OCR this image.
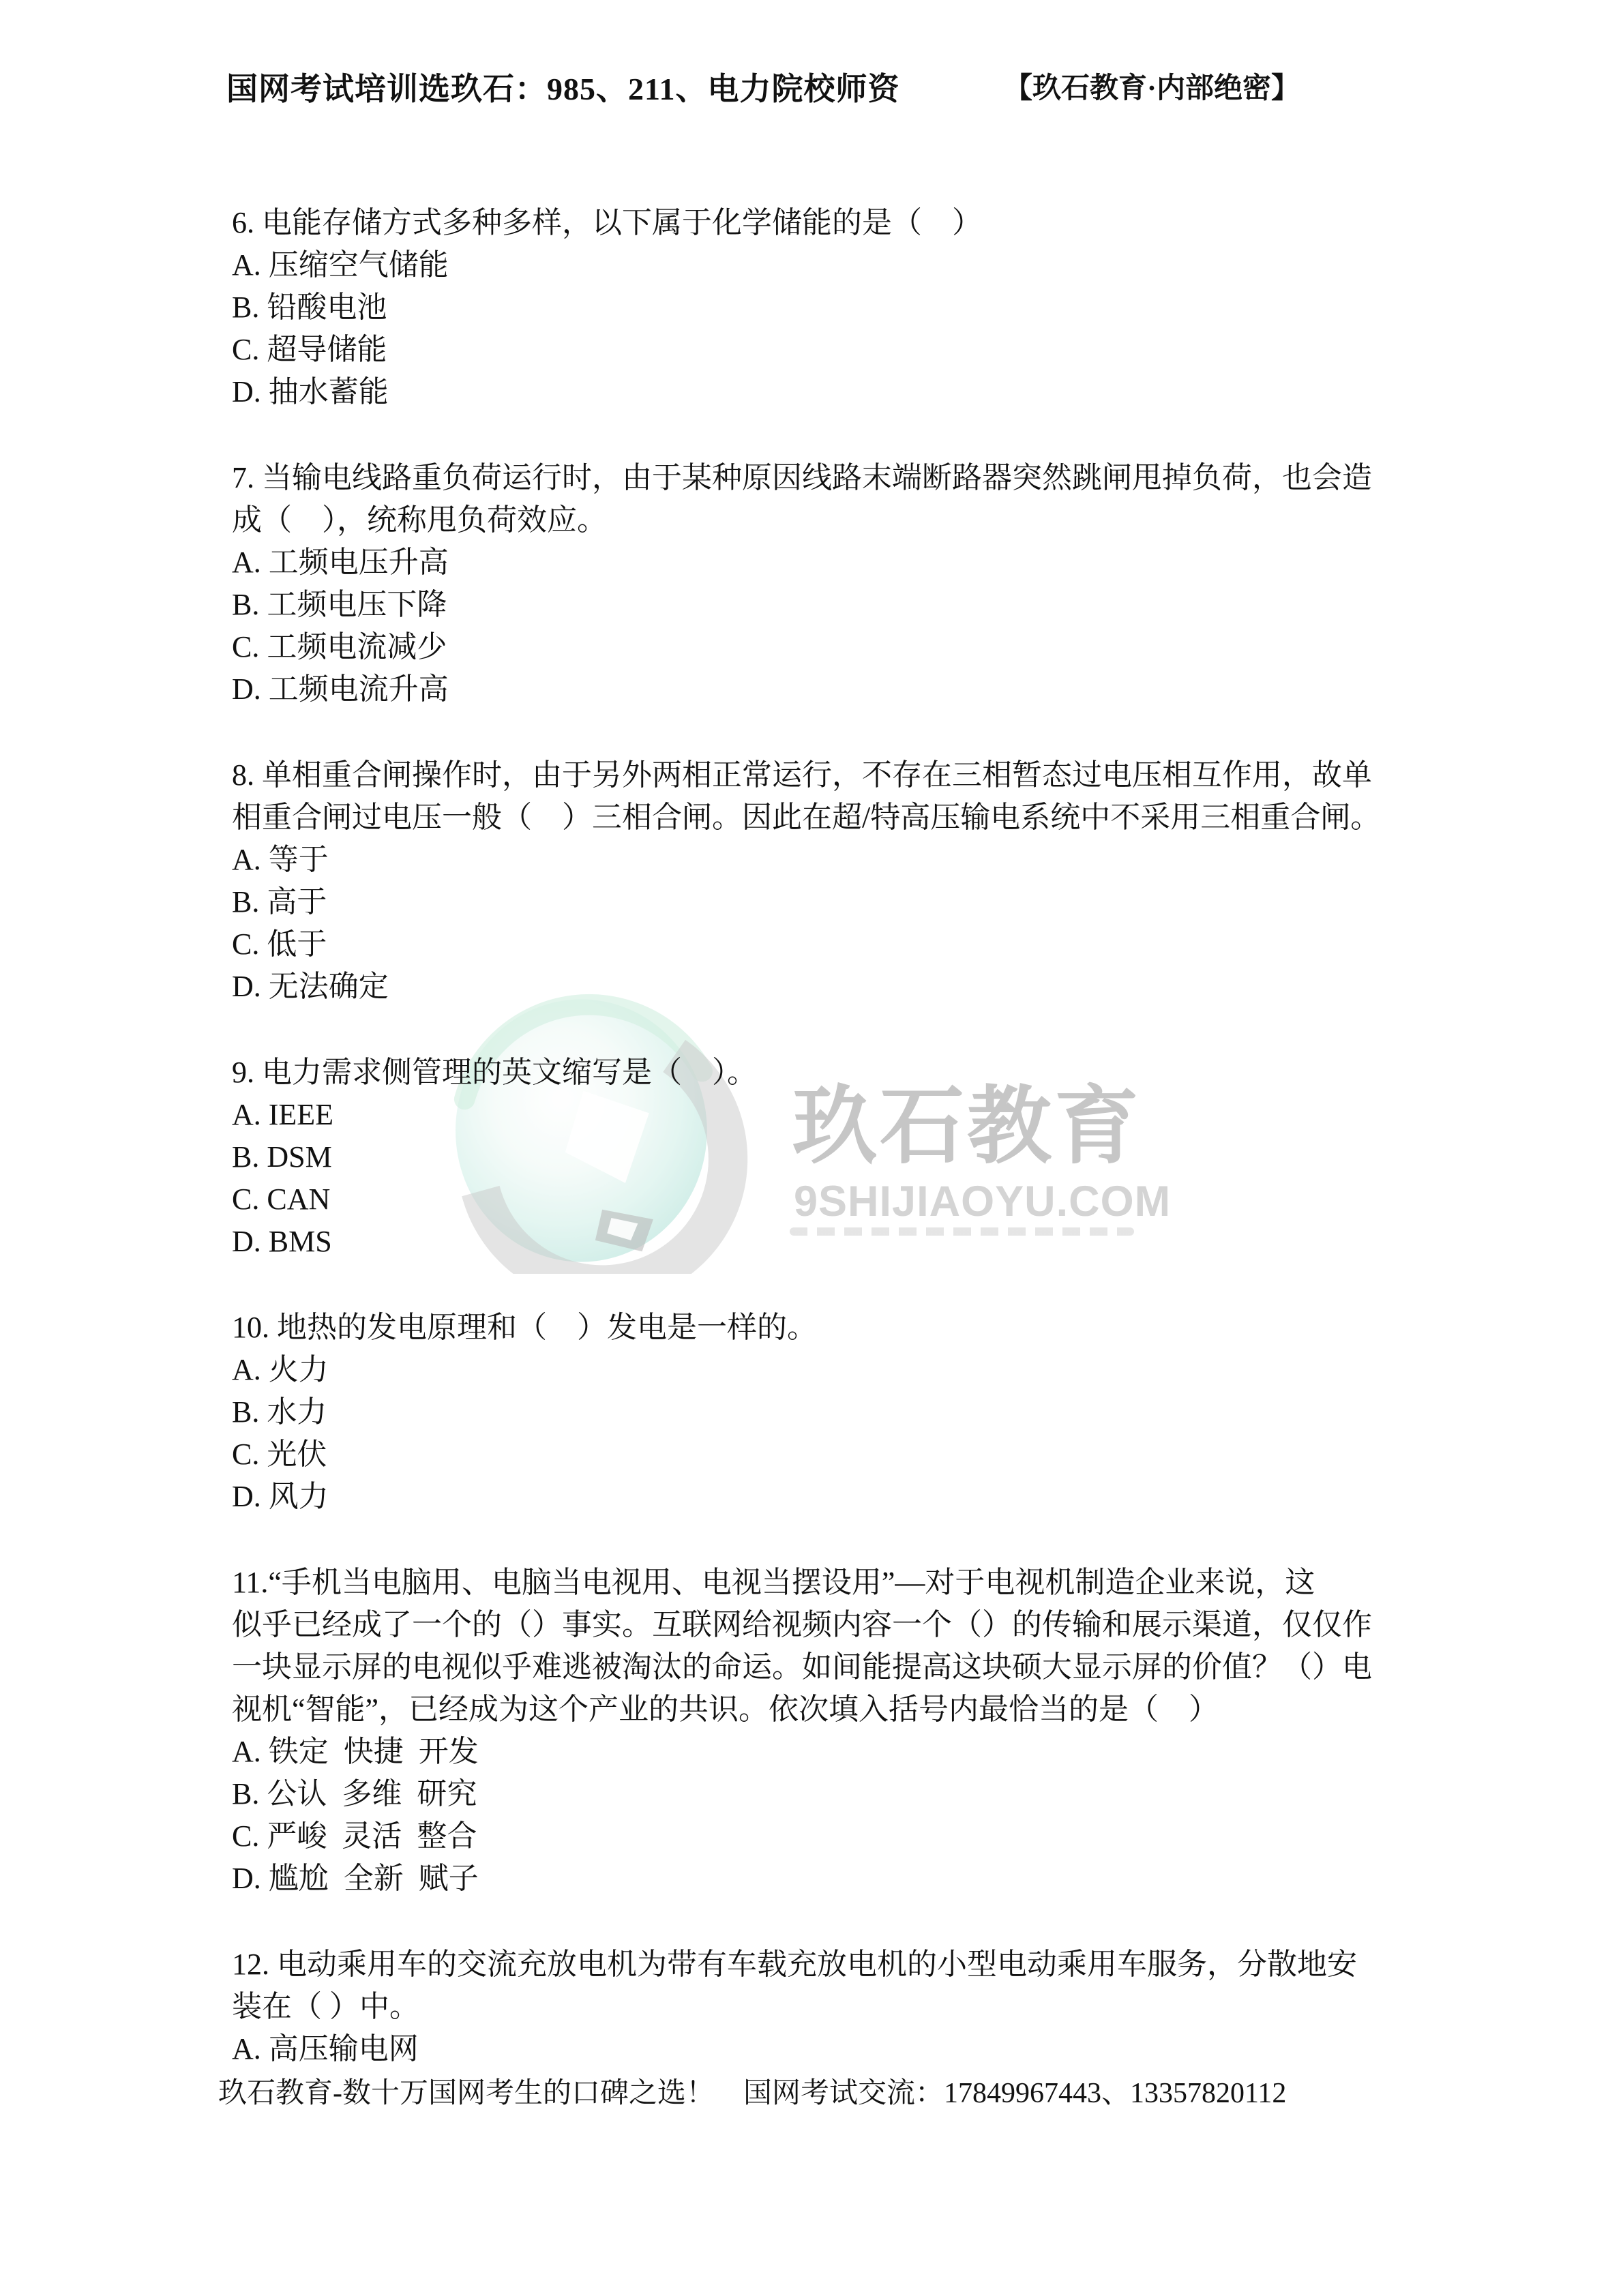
玖石教育
9SHIJIAOYU.COM
国网考试培训选玖石：985、211、电力院校师资	【玖石教育·内部绝密】
6. 电能存储方式多种多样，以下属于化学储能的是（　）
A. 压缩空气储能
B. 铅酸电池
C. 超导储能
D. 抽水蓄能
7. 当输电线路重负荷运行时，由于某种原因线路末端断路器突然跳闸甩掉负荷，也会造
成（　），统称甩负荷效应。
A. 工频电压升高
B. 工频电压下降
C. 工频电流减少
D. 工频电流升高
8. 单相重合闸操作时，由于另外两相正常运行，不存在三相暂态过电压相互作用，故单
相重合闸过电压一般（　）三相合闸。因此在超/特高压输电系统中不采用三相重合闸。
A. 等于
B. 高于
C. 低于
D. 无法确定
9. 电力需求侧管理的英文缩写是（　）。
A. IEEE
B. DSM
C. CAN
D. BMS
10. 地热的发电原理和（　）发电是一样的。
A. 火力
B. 水力
C. 光伏
D. 风力
11.“手机当电脑用、电脑当电视用、电视当摆设用”—对于电视机制造企业来说，这
似乎已经成了一个的（）事实。互联网给视频内容一个（）的传输和展示渠道，仅仅作
一块显示屏的电视似乎难逃被淘汰的命运。如间能提高这块硕大显示屏的价值？（）电
视机“智能”，已经成为这个产业的共识。依次填入括号内最恰当的是（　）
A. 铁定  快捷  开发
B. 公认  多维  研究
C. 严峻  灵活  整合
D. 尴尬  全新  赋子
12. 电动乘用车的交流充放电机为带有车载充放电机的小型电动乘用车服务，分散地安
装在（ ）中。
A. 高压输电网
玖石教育-数十万国网考生的口碑之选！　国网考试交流：17849967443、13357820112
